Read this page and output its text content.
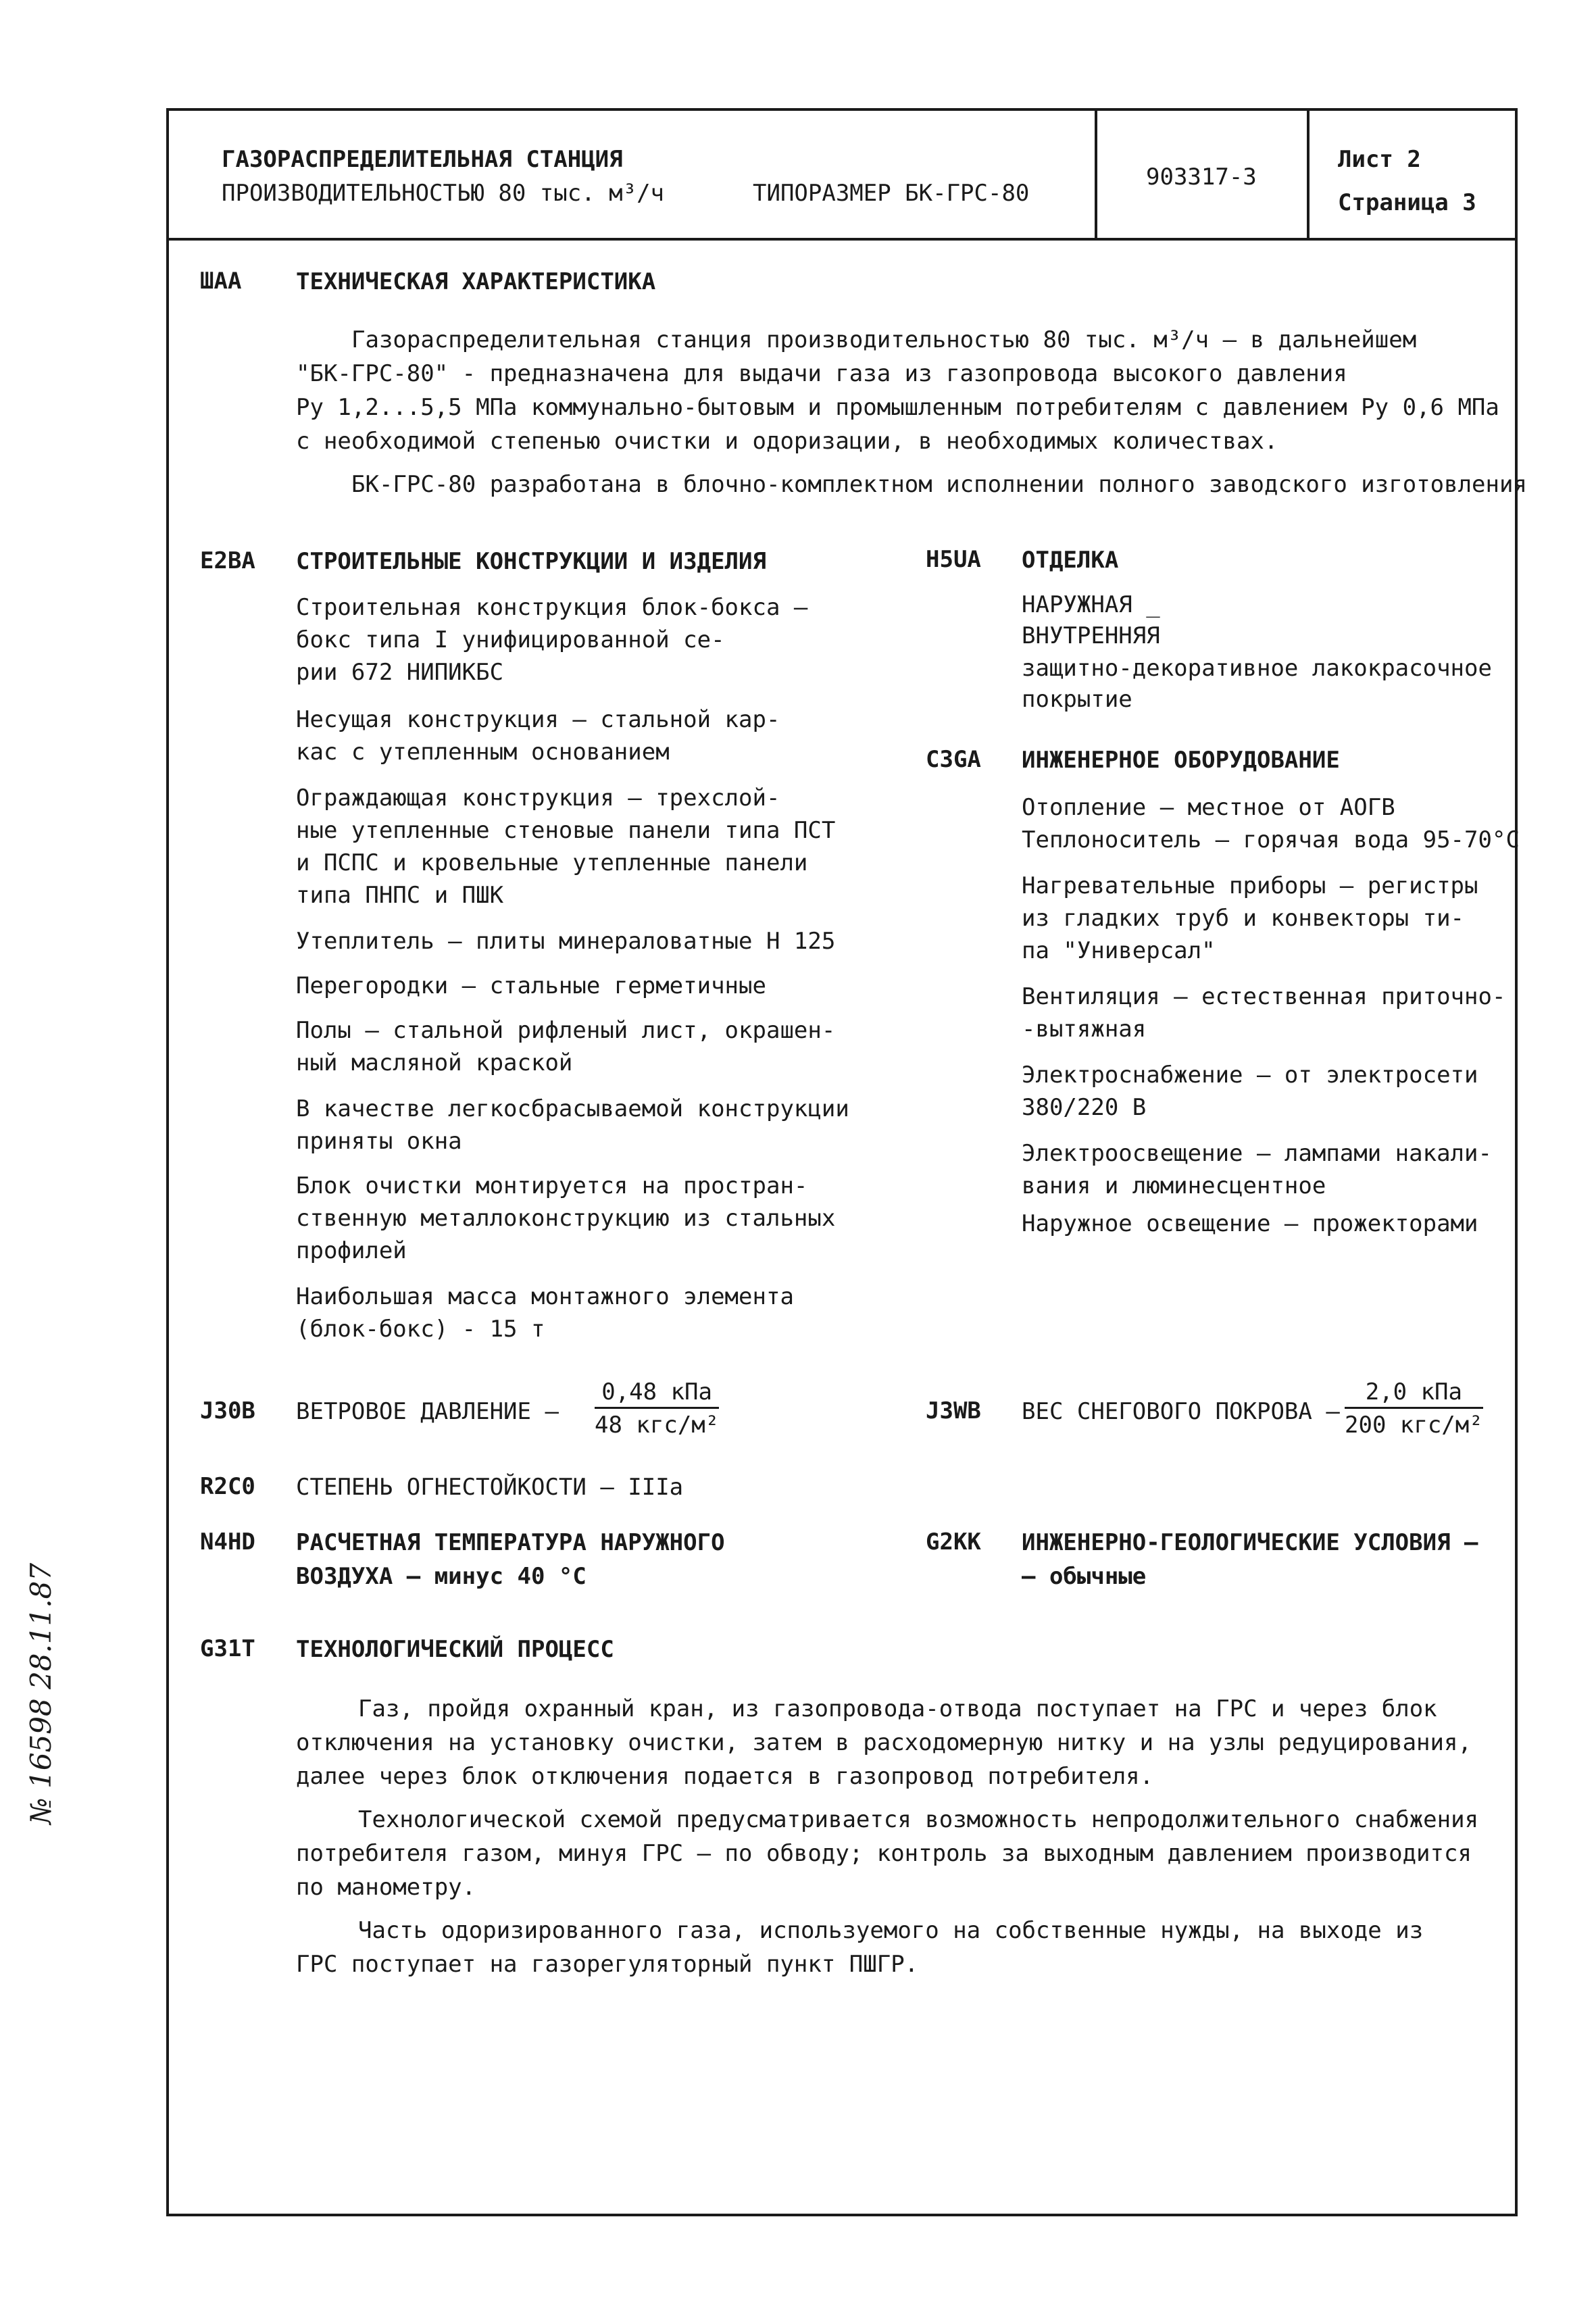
ГАЗОРАСПРЕДЕЛИТЕЛЬНАЯ СТАНЦИЯ
ПРОИЗВОДИТЕЛЬНОСТЬЮ 80 тыс. м³/ч	ТИПОРАЗМЕР БК-ГРС-80
903317-3
Лист 2
Страница 3
ШАА ТЕХНИЧЕСКАЯ ХАРАКТЕРИСТИКА
Газораспределительная станция производительностью 80 тыс. м³/ч – в дальнейшем
"БК-ГРС-80" - предназначена для выдачи газа из газопровода высокого давления
Ру 1,2...5,5 МПа коммунально-бытовым и промышленным потребителям с давлением Ру 0,6 МПа
с необходимой степенью очистки и одоризации, в необходимых количествах.
БК-ГРС-80 разработана в блочно-комплектном исполнении полного заводского изготовления
Е2ВА СТРОИТЕЛЬНЫЕ КОНСТРУКЦИИ И ИЗДЕЛИЯ
Строительная конструкция блок-бокса –
бокс типа I унифицированной се-
рии 672 НИПИКБС
Несущая конструкция – стальной кар-
кас с утепленным основанием
Ограждающая конструкция – трехслой-
ные утепленные стеновые панели типа ПСТ
и ПСПС и кровельные утепленные панели
типа ПНПС и ПШК
Утеплитель – плиты минераловатные Н 125
Перегородки – стальные герметичные
Полы – стальной рифленый лист, окрашен-
ный масляной краской
В качестве легкосбрасываемой конструкции
приняты окна
Блок очистки монтируется на простран-
ственную металлоконструкцию из стальных
профилей
Наибольшая масса монтажного элемента
(блок-бокс) - 15 т
Н5UA ОТДЕЛКА
НАРУЖНАЯ _
ВНУТРЕННЯЯ
защитно-декоративное лакокрасочное
покрытие
С3GA ИНЖЕНЕРНОЕ ОБОРУДОВАНИЕ
Отопление – местное от АОГВ
Теплоноситель – горячая вода 95-70°С
Нагревательные приборы – регистры
из гладких труб и конвекторы ти-
па "Универсал"
Вентиляция – естественная приточно-
-вытяжная
Электроснабжение – от электросети
380/220 В
Электроосвещение – лампами накали-
вания и люминесцентное
Наружное освещение – прожекторами
J30В ВЕТРОВОЕ ДАВЛЕНИЕ –
0,48 кПа
48 кгс/м²
J3WВ ВЕС СНЕГОВОГО ПОКРОВА –
2,0 кПа
200 кгс/м²
R2C0 СТЕПЕНЬ ОГНЕСТОЙКОСТИ – IIIа
N4НD РАСЧЕТНАЯ ТЕМПЕРАТУРА НАРУЖНОГО
ВОЗДУХА – минус 40 °С
G2КК ИНЖЕНЕРНО-ГЕОЛОГИЧЕСКИЕ УСЛОВИЯ –
– обычные
G31Т ТЕХНОЛОГИЧЕСКИЙ ПРОЦЕСС
Газ, пройдя охранный кран, из газопровода-отвода поступает на ГРС и через блок
отключения на установку очистки, затем в расходомерную нитку и на узлы редуцирования,
далее через блок отключения подается в газопровод потребителя.
Технологической схемой предусматривается возможность непродолжительного снабжения
потребителя газом, минуя ГРС – по обводу; контроль за выходным давлением производится
по манометру.
Часть одоризированного газа, используемого на собственные нужды, на выходе из
ГРС поступает на газорегуляторный пункт ПШГР.
№ 16598 28.11.87
